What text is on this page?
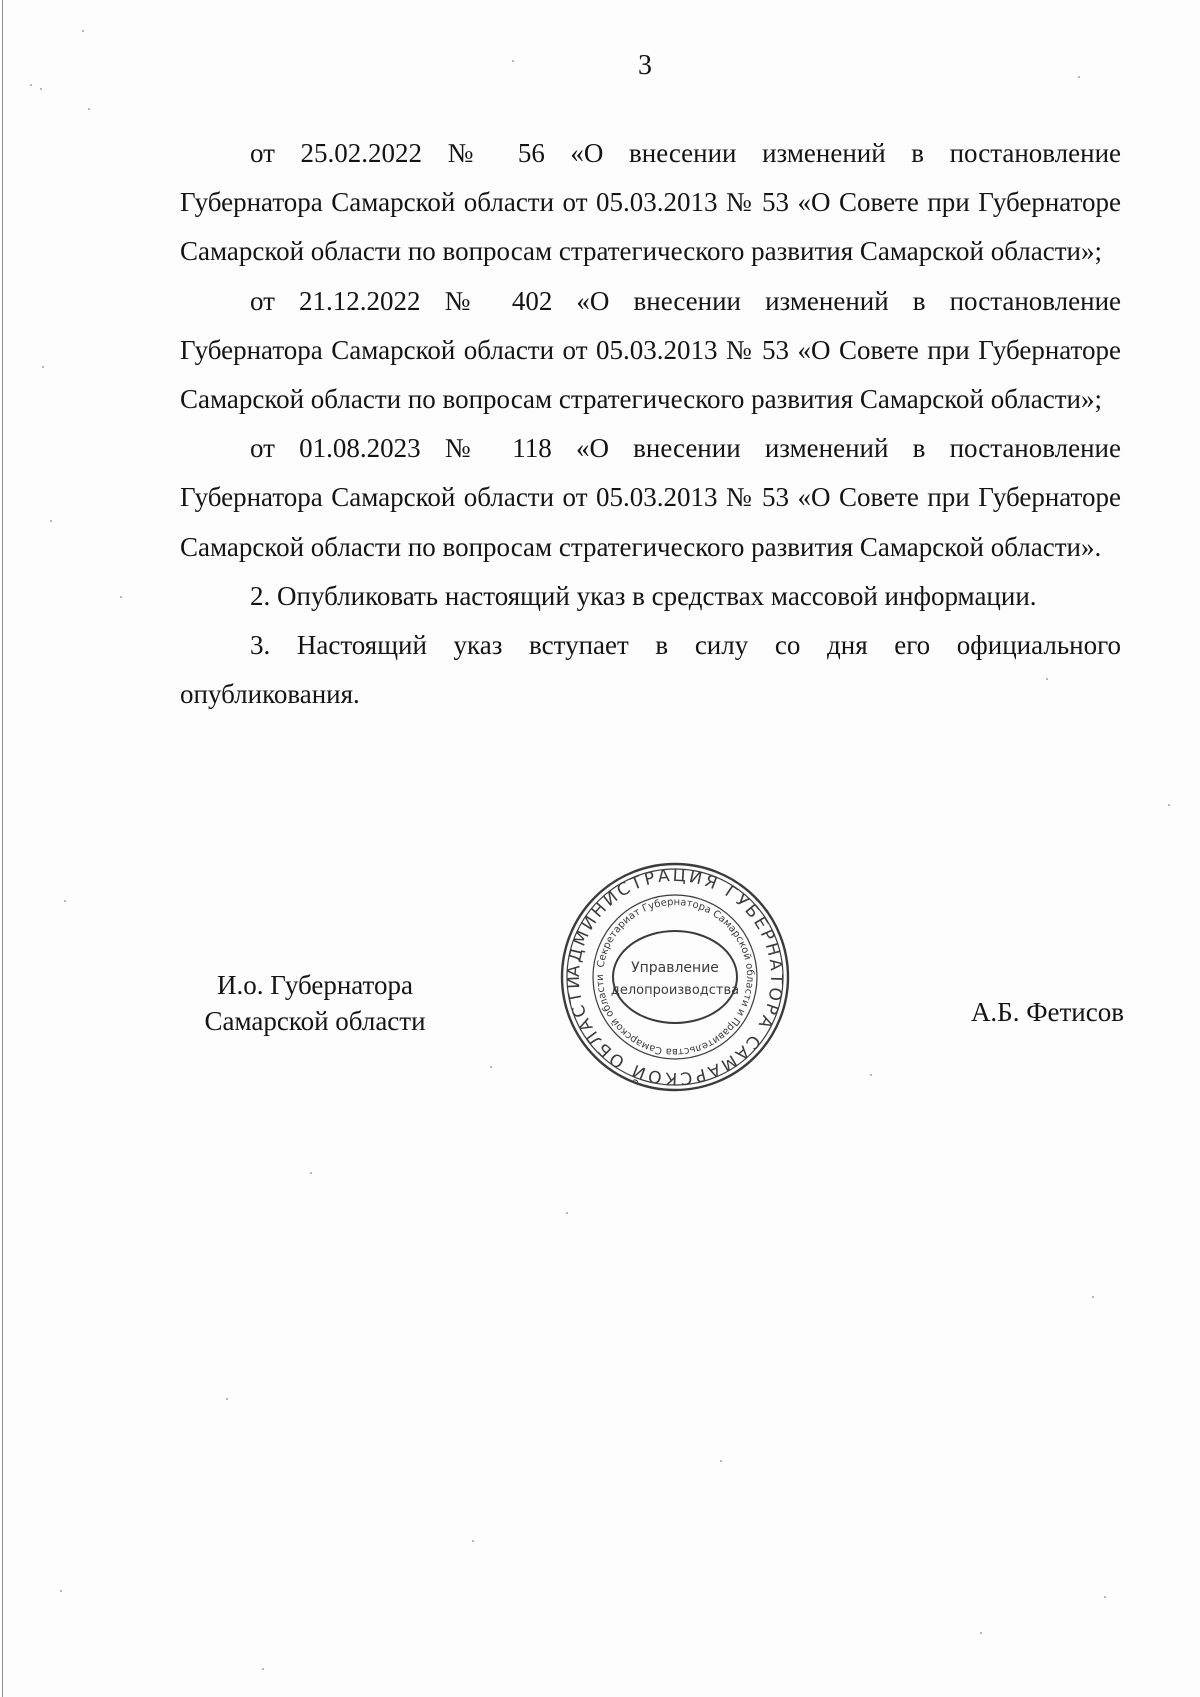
3

от 25.02.2022 № 56 «О внесении изменений в постановление
Губернатора Самарской области от 05.03.2013 № 53 «О Совете при Губернаторе Самарской области по вопросам стратегического развития Самарской области»;

от 21.12.2022 № 402 «О внесении изменений в постановление
Губернатора Самарской области от 05.03.2013 № 53 «О Совете при Губернаторе Самарской области по вопросам стратегического развития Самарской области»;

от 01.08.2023 № 118 «О внесении изменений в постановление
Губернатора Самарской области от 05.03.2013 № 53 «О Совете при Губернаторе Самарской области по вопросам стратегического развития Самарской области».

2. Опубликовать настоящий указ в средствах массовой информации.

3. Настоящий указ вступает в силу со дня его официального
опубликования.

И.о. Губернатора
Самарской области
АДМИНИСТРАЦИЯ ГУБЕРНАТОРА САМАРСКОЙ ОБЛАСТИ
Секретариат Губернатора Самарской области и Правительства Самарской области
Управление
делопроизводства
А.Б. Фетисов
